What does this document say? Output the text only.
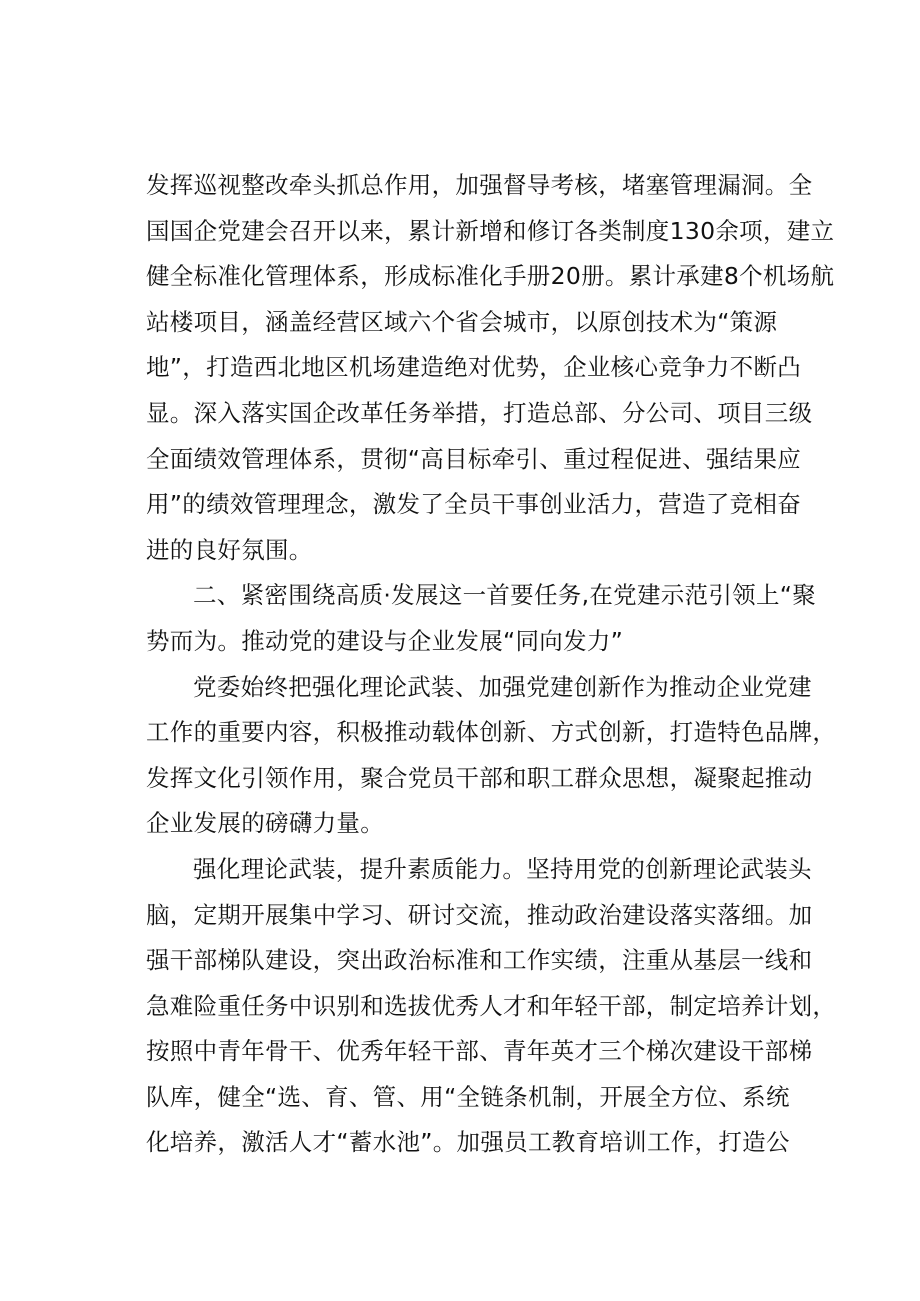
发挥巡视整改牵头抓总作用，加强督导考核，堵塞管理漏洞。全
国国企党建会召开以来，累计新增和修订各类制度130余项，建立
健全标准化管理体系，形成标准化手册20册。累计承建8个机场航
站楼项目，涵盖经营区域六个省会城市，以原创技术为“策源
地”，打造西北地区机场建造绝对优势，企业核心竞争力不断凸
显。深入落实国企改革任务举措，打造总部、分公司、项目三级
全面绩效管理体系，贯彻“高目标牵引、重过程促进、强结果应
用”的绩效管理理念，激发了全员干事创业活力，营造了竞相奋
进的良好氛围。
二、紧密围绕高质·发展这一首要任务,在党建示范引领上“聚
势而为。推动党的建设与企业发展“同向发力”
党委始终把强化理论武装、加强党建创新作为推动企业党建
工作的重要内容，积极推动载体创新、方式创新，打造特色品牌，
发挥文化引领作用，聚合党员干部和职工群众思想，凝聚起推动
企业发展的磅礴力量。
强化理论武装，提升素质能力。坚持用党的创新理论武装头
脑，定期开展集中学习、研讨交流，推动政治建设落实落细。加
强干部梯队建设，突出政治标准和工作实绩，注重从基层一线和
急难险重任务中识别和选拔优秀人才和年轻干部，制定培养计划，
按照中青年骨干、优秀年轻干部、青年英才三个梯次建设干部梯
队库，健全“选、育、管、用“全链条机制，开展全方位、系统
化培养，激活人才“蓄水池”。加强员工教育培训工作，打造公
